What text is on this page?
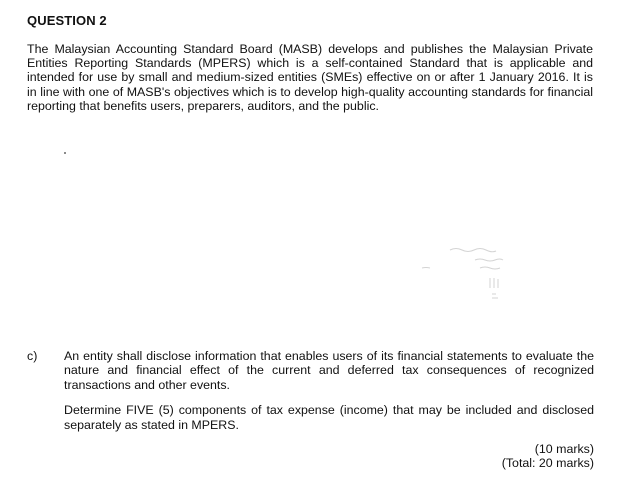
QUESTION 2

The Malaysian Accounting Standard Board (MASB) develops and publishes the Malaysian Private Entities Reporting Standards (MPERS) which is a self-contained Standard that is applicable and intended for use by small and medium-sized entities (SMEs) effective on or after 1 January 2016. It is in line with one of MASB's objectives which is to develop high-quality accounting standards for financial reporting that benefits users, preparers, auditors, and the public.

c) An entity shall disclose information that enables users of its financial statements to evaluate the nature and financial effect of the current and deferred tax consequences of recognized transactions and other events.

Determine FIVE (5) components of tax expense (income) that may be included and disclosed separately as stated in MPERS.

(10 marks)
(Total: 20 marks)
